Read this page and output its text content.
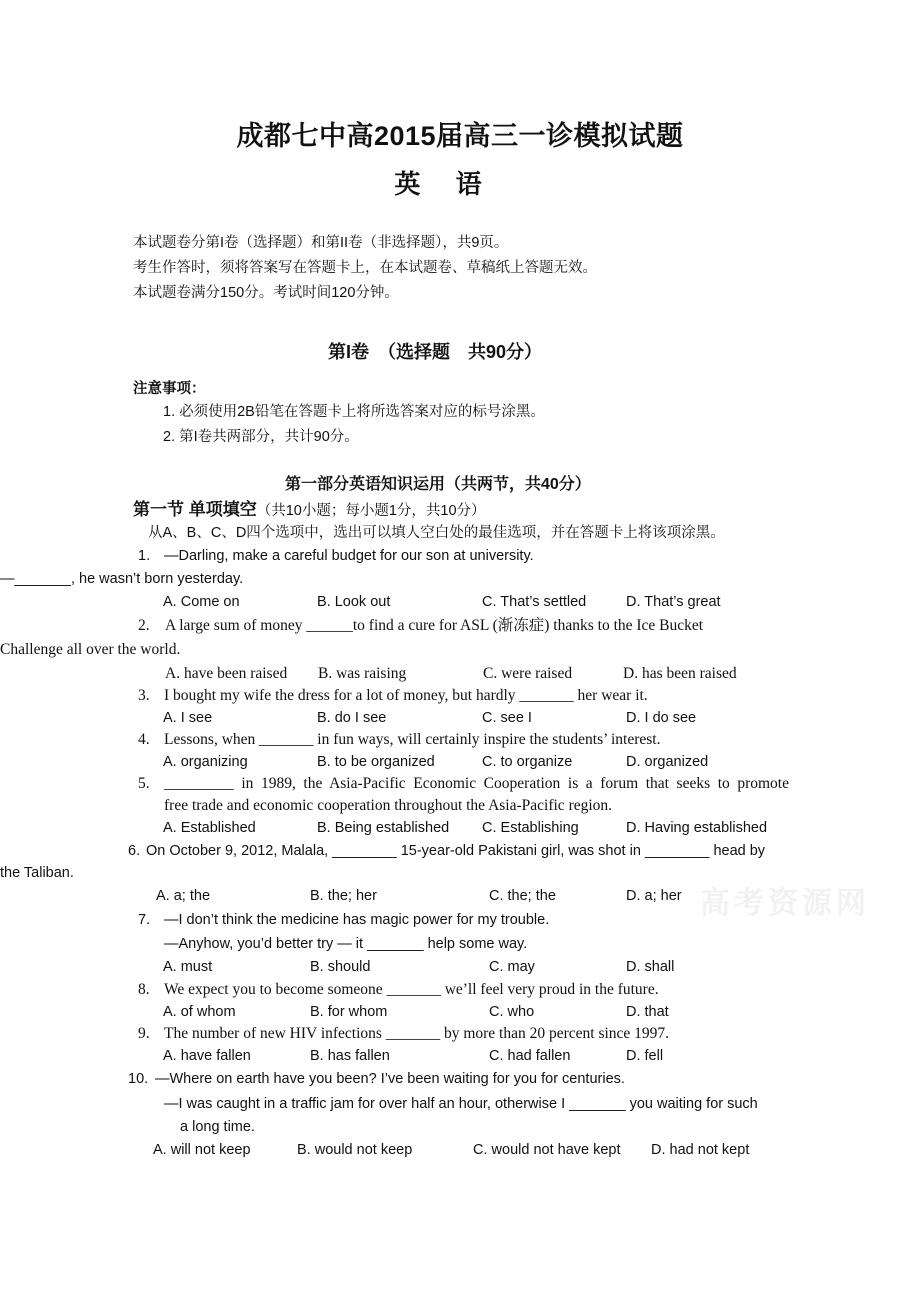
成都七中高2015届高三一诊模拟试题
英 语
本试题卷分第I卷（选择题）和第II卷（非选择题），共9页。
考生作答时，须将答案写在答题卡上，在本试题卷、草稿纸上答题无效。
本试题卷满分150分。考试时间120分钟。
第I卷　（选择题　共90分）
注意事项：
1. 必须使用2B铅笔在答题卡上将所选答案对应的标号涂黑。
2. 第I卷共两部分，共计90分。
第一部分英语知识运用（共两节，共40分）
第一节 单项填空（共10小题；每小题1分，共10分）
从A、B、C、D四个选项中，选出可以填人空白处的最佳选项，并在答题卡上将该项涂黑。
1. —Darling, make a careful budget for our son at university.
—_______, he wasn’t born yesterday.
A. Come on	B. Look out	C. That’s settled	D. That’s great
2. A large sum of money ______to find a cure for ASL (渐冻症) thanks to the Ice Bucket
Challenge all over the world.
A. have been raised B. was raising	C. were raised	D. has been raised
3. I bought my wife the dress for a lot of money, but hardly _______ her wear it.
A. I see	B. do I see	C. see I	D. I do see
4. Lessons, when _______ in fun ways, will certainly inspire the students’ interest.
A. organizing	B. to be organized	C. to organize	D. organized
5. _________ in 1989, the Asia-Pacific Economic Cooperation is a forum that seeks to promote
free trade and economic cooperation throughout the Asia-Pacific region.
A. Established	B. Being established C. Establishing	D. Having established
6. On October 9, 2012, Malala, ________ 15-year-old Pakistani girl, was shot in ________ head by
the Taliban.
A. a; the	B. the; her	C. the; the	D. a; her
7. —I don’t think the medicine has magic power for my trouble.
—Anyhow, you’d better try — it _______ help some way.
A. must	B. should	C. may	D. shall
8. We expect you to become someone _______ we’ll feel very proud in the future.
A. of whom	B. for whom	C. who	D. that
9. The number of new HIV infections _______ by more than 20 percent since 1997.
A. have fallen	B. has fallen	C. had fallen	D. fell
10. —Where on earth have you been? I’ve been waiting for you for centuries.
—I was caught in a traffic jam for over half an hour, otherwise I _______ you waiting for such
a long time.
A. will not keep	B. would not keep	C. would not have kept D. had not kept
高考资源网
